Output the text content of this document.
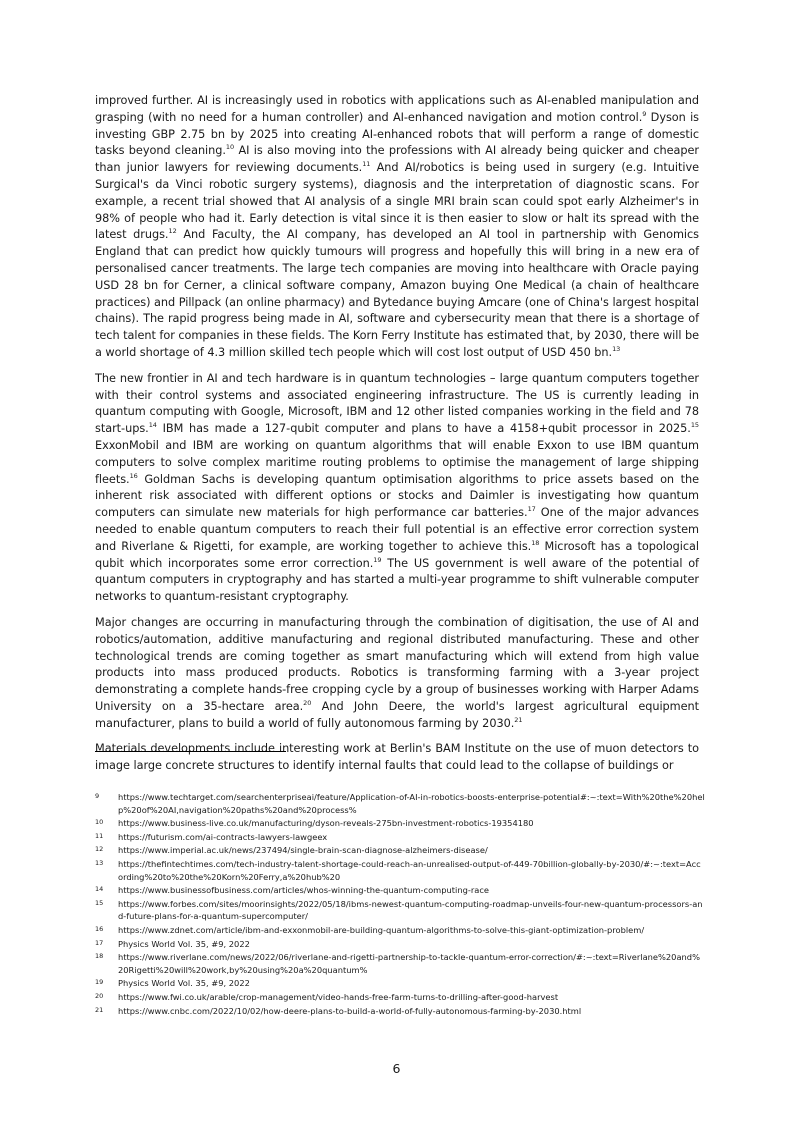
improved further. AI is increasingly used in robotics with applications such as AI-enabled manipulation and grasping (with no need for a human controller) and AI-enhanced navigation and motion control.$^9$ Dyson is investing GBP 2.75 bn by 2025 into creating AI-enhanced robots that will perform a range of domestic tasks beyond cleaning.$^{10}$ AI is also moving into the professions with AI already being quicker and cheaper than junior lawyers for reviewing documents.$^{11}$ And AI/robotics is being used in surgery (e.g. Intuitive Surgical's da Vinci robotic surgery systems), diagnosis and the interpretation of diagnostic scans. For example, a recent trial showed that AI analysis of a single MRI brain scan could spot early Alzheimer's in 98% of people who had it. Early detection is vital since it is then easier to slow or halt its spread with the latest drugs.$^{12}$ And Faculty, the AI company, has developed an AI tool in partnership with Genomics England that can predict how quickly tumours will progress and hopefully this will bring in a new era of personalised cancer treatments. The large tech companies are moving into healthcare with Oracle paying USD 28 bn for Cerner, a clinical software company, Amazon buying One Medical (a chain of healthcare practices) and Pillpack (an online pharmacy) and Bytedance buying Amcare (one of China's largest hospital chains). The rapid progress being made in AI, software and cybersecurity mean that there is a shortage of tech talent for companies in these fields. The Korn Ferry Institute has estimated that, by 2030, there will be a world shortage of 4.3 million skilled tech people which will cost lost output of USD 450 bn.$^{13}$

The new frontier in AI and tech hardware is in quantum technologies – large quantum computers together with their control systems and associated engineering infrastructure. The US is currently leading in quantum computing with Google, Microsoft, IBM and 12 other listed companies working in the field and 78 start-ups.$^{14}$ IBM has made a 127-qubit computer and plans to have a 4158+qubit processor in 2025.15 ExxonMobil and IBM are working on quantum algorithms that will enable Exxon to use IBM quantum computers to solve complex maritime routing problems to optimise the management of large shipping fleets.$^{16}$ Goldman Sachs is developing quantum optimisation algorithms to price assets based on the inherent risk associated with different options or stocks and Daimler is investigating how quantum computers can simulate new materials for high performance car batteries.$^{17}$ One of the major advances needed to enable quantum computers to reach their full potential is an effective error correction system and Riverlane & Rigetti, for example, are working together to achieve this.$^{18}$ Microsoft has a topological qubit which incorporates some error correction.$^{19}$ The US government is well aware of the potential of quantum computers in cryptography and has started a multi-year programme to shift vulnerable computer networks to quantum-resistant cryptography.

Major changes are occurring in manufacturing through the combination of digitisation, the use of AI and robotics/automation, additive manufacturing and regional distributed manufacturing. These and other technological trends are coming together as smart manufacturing which will extend from high value products into mass produced products. Robotics is transforming farming with a 3-year project demonstrating a complete hands-free cropping cycle by a group of businesses working with Harper Adams University on a 35-hectare area.$^{20}$ And John Deere, the world's largest agricultural equipment manufacturer, plans to build a world of fully autonomous farming by 2030.21

Materials developments include interesting work at Berlin's BAM Institute on the use of muon detectors to image large concrete structures to identify internal faults that could lead to the collapse of buildings or

9	https://www.techtarget.com/searchenterpriseai/feature/Application-of-AI-in-robotics-boosts-enterprise-potential#:~:text=With%20the%20help%20of%20AI,navigation%20paths%20and%20process%
10	https://www.business-live.co.uk/manufacturing/dyson-reveals-275bn-investment-robotics-19354180
11	https://futurism.com/ai-contracts-lawyers-lawgeex
12	https://www.imperial.ac.uk/news/237494/single-brain-scan-diagnose-alzheimers-disease/
13	https://thefintechtimes.com/tech-industry-talent-shortage-could-reach-an-unrealised-output-of-449-70billion-globally-by-2030/#:~:text=According%20to%20the%20Korn%20Ferry,a%20hub%20
14	https://www.businessofbusiness.com/articles/whos-winning-the-quantum-computing-race
15	https://www.forbes.com/sites/moorinsights/2022/05/18/ibms-newest-quantum-computing-roadmap-unveils-four-new-quantum-processors-and-future-plans-for-a-quantum-supercomputer/
16	https://www.zdnet.com/article/ibm-and-exxonmobil-are-building-quantum-algorithms-to-solve-this-giant-optimization-problem/
17	Physics World Vol. 35, #9, 2022
18	https://www.riverlane.com/news/2022/06/riverlane-and-rigetti-partnership-to-tackle-quantum-error-correction/#:~:text=Riverlane%20and%20Rigetti%20will%20work,by%20using%20a%20quantum%
19	Physics World Vol. 35, #9, 2022
20	https://www.fwi.co.uk/arable/crop-management/video-hands-free-farm-turns-to-drilling-after-good-harvest
21	https://www.cnbc.com/2022/10/02/how-deere-plans-to-build-a-world-of-fully-autonomous-farming-by-2030.html
6
